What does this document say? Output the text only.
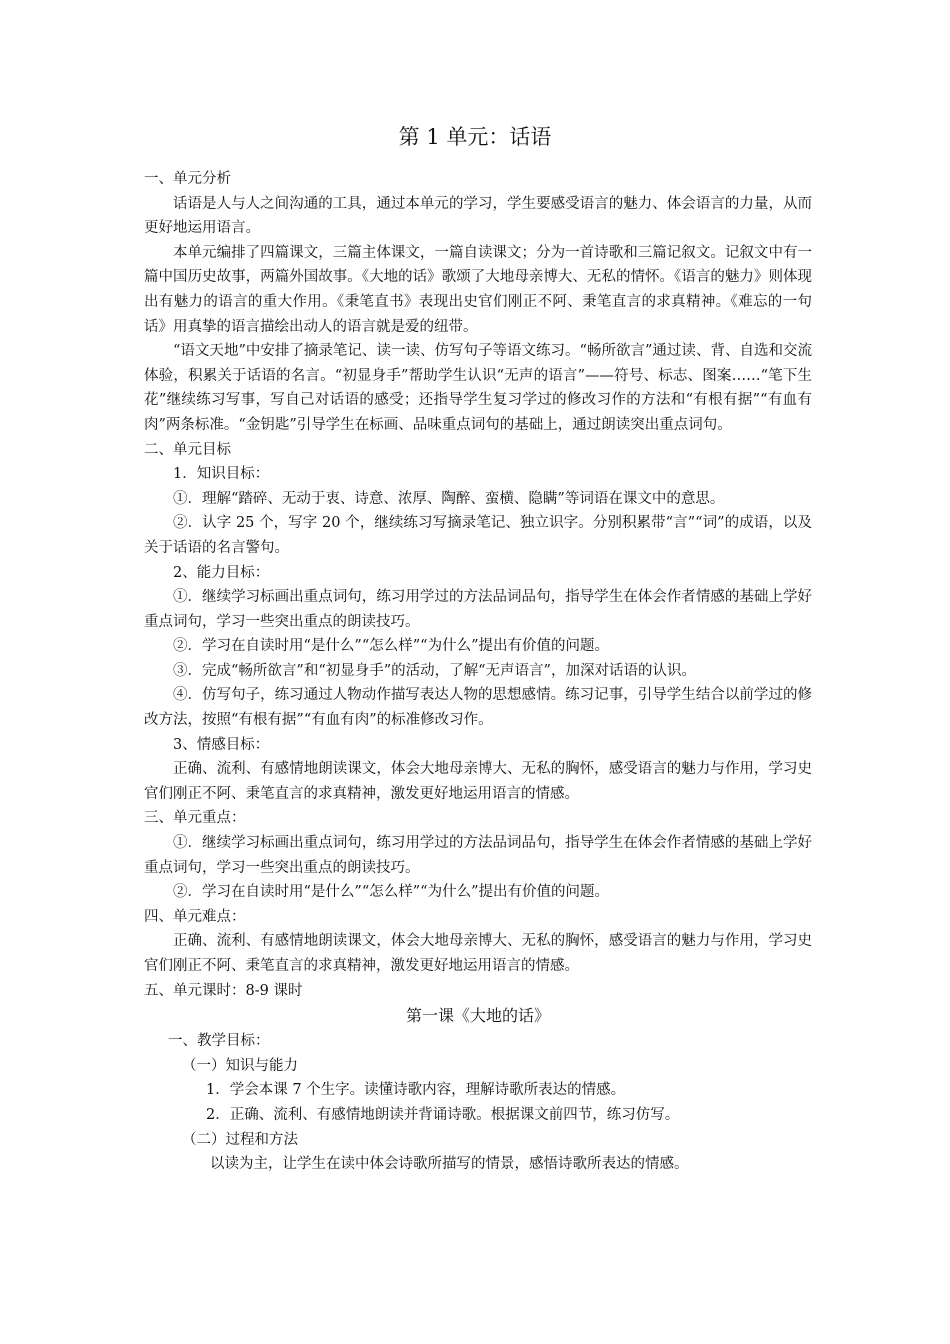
第 1 单元：话语

一、单元分析

话语是人与人之间沟通的工具，通过本单元的学习，学生要感受语言的魅力、体会语言的力量，从而更好地运用语言。

本单元编排了四篇课文，三篇主体课文，一篇自读课文；分为一首诗歌和三篇记叙文。记叙文中有一篇中国历史故事，两篇外国故事。《大地的话》歌颂了大地母亲博大、无私的情怀。《语言的魅力》则体现出有魅力的语言的重大作用。《秉笔直书》表现出史官们刚正不阿、秉笔直言的求真精神。《难忘的一句话》用真挚的语言描绘出动人的语言就是爱的纽带。

“语文天地”中安排了摘录笔记、读一读、仿写句子等语文练习。“畅所欲言”通过读、背、自选和交流体验，积累关于话语的名言。“初显身手”帮助学生认识“无声的语言”——符号、标志、图案……“笔下生花”继续练习写事，写自己对话语的感受；还指导学生复习学过的修改习作的方法和“有根有据”“有血有肉”两条标准。“金钥匙”引导学生在标画、品味重点词句的基础上，通过朗读突出重点词句。

二、单元目标

1．知识目标：

①．理解“踏碎、无动于衷、诗意、浓厚、陶醉、蛮横、隐瞒”等词语在课文中的意思。

②．认字 25 个，写字 20 个，继续练习写摘录笔记、独立识字。分别积累带“言”“词”的成语，以及关于话语的名言警句。

2、能力目标：

①．继续学习标画出重点词句，练习用学过的方法品词品句，指导学生在体会作者情感的基础上学好重点词句，学习一些突出重点的朗读技巧。

②．学习在自读时用“是什么”“怎么样”“为什么”提出有价值的问题。

③．完成“畅所欲言”和“初显身手”的活动，了解“无声语言”，加深对话语的认识。

④．仿写句子，练习通过人物动作描写表达人物的思想感情。练习记事，引导学生结合以前学过的修改方法，按照“有根有据”“有血有肉”的标准修改习作。

3、情感目标：

正确、流利、有感情地朗读课文，体会大地母亲博大、无私的胸怀，感受语言的魅力与作用，学习史官们刚正不阿、秉笔直言的求真精神，激发更好地运用语言的情感。

三、单元重点：

①．继续学习标画出重点词句，练习用学过的方法品词品句，指导学生在体会作者情感的基础上学好重点词句，学习一些突出重点的朗读技巧。

②．学习在自读时用“是什么”“怎么样”“为什么”提出有价值的问题。

四、单元难点：

正确、流利、有感情地朗读课文，体会大地母亲博大、无私的胸怀，感受语言的魅力与作用，学习史官们刚正不阿、秉笔直言的求真精神，激发更好地运用语言的情感。

五、单元课时：8-9 课时

第一课《大地的话》

一、教学目标：

（一）知识与能力

1．学会本课 7 个生字。读懂诗歌内容，理解诗歌所表达的情感。

2．正确、流利、有感情地朗读并背诵诗歌。根据课文前四节，练习仿写。

（二）过程和方法

以读为主，让学生在读中体会诗歌所描写的情景，感悟诗歌所表达的情感。
